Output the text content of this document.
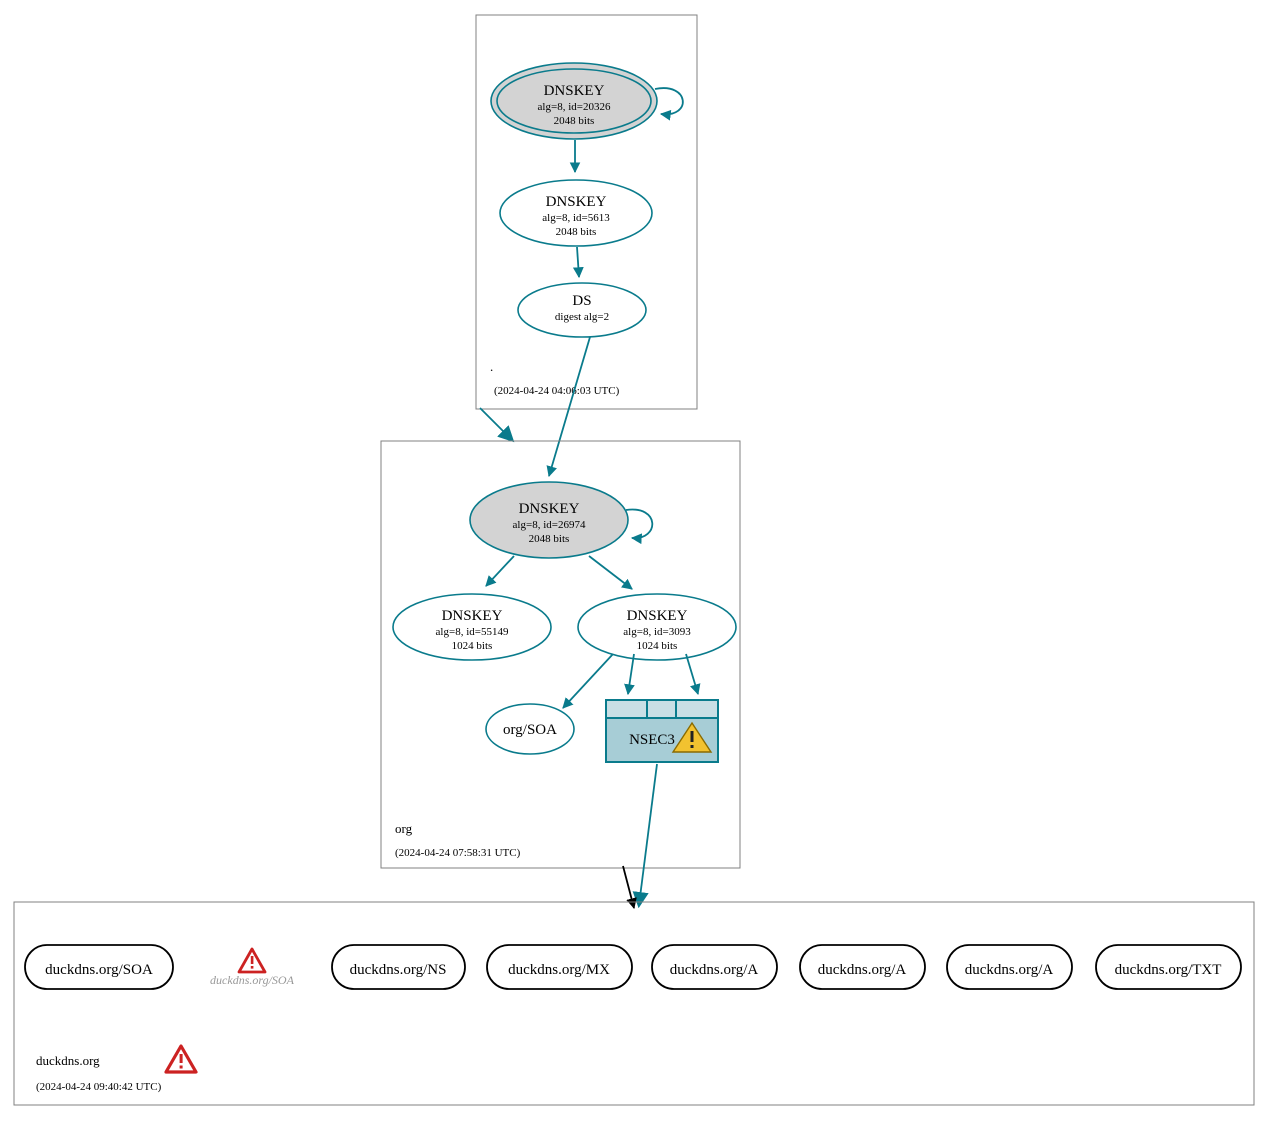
.
(2024-04-24 04:06:03 UTC)
DNSKEY
alg=8, id=20326
2048 bits
DNSKEY
alg=8, id=5613
2048 bits
DS
digest alg=2
org
(2024-04-24 07:58:31 UTC)
DNSKEY
alg=8, id=26974
2048 bits
DNSKEY
alg=8, id=55149
1024 bits
DNSKEY
alg=8, id=3093
1024 bits
org/SOA
NSEC3
duckdns.org
(2024-04-24 09:40:42 UTC)
duckdns.org/SOA
duckdns.org/SOA
duckdns.org/NS	duckdns.org/MX	duckdns.org/A	duckdns.org/A	duckdns.org/A	duckdns.org/TXT
